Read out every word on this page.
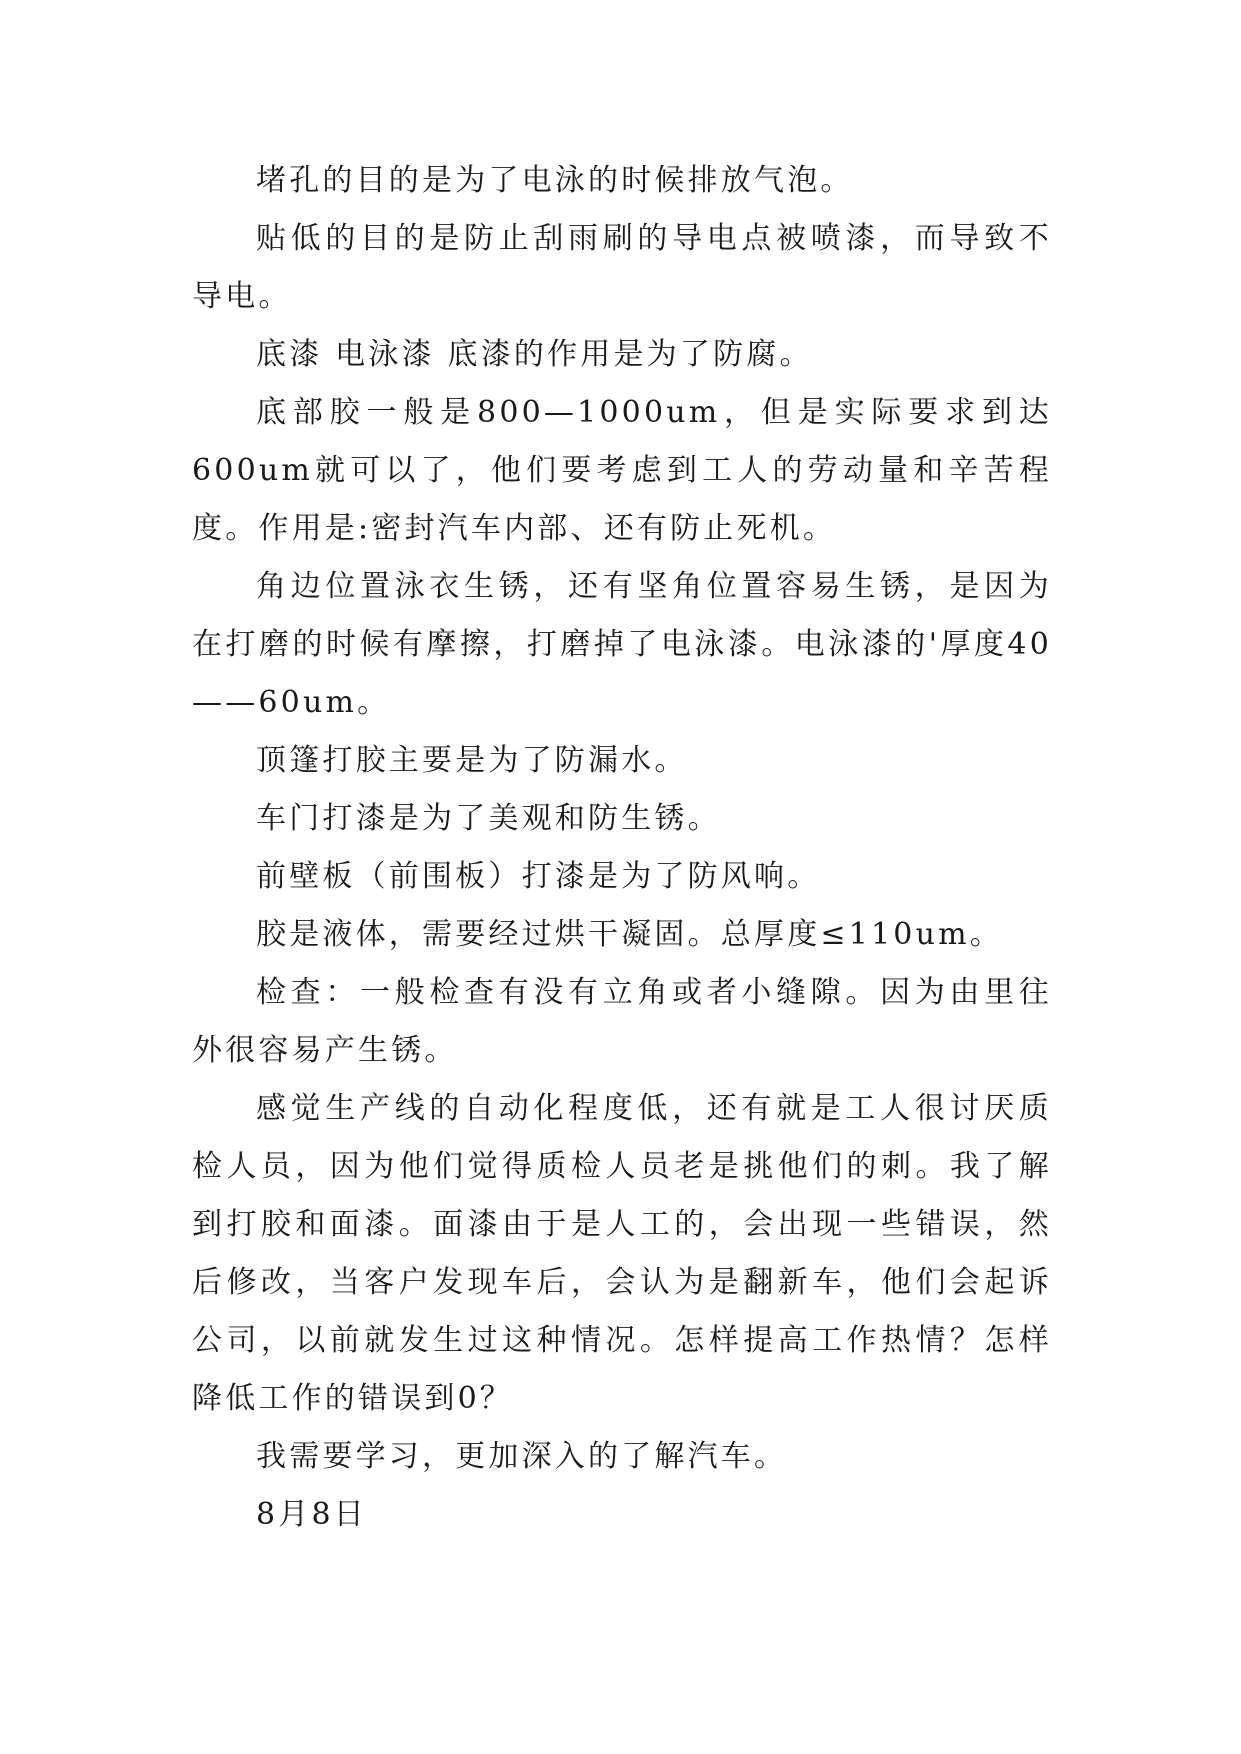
堵孔的目的是为了电泳的时候排放气泡。

贴低的目的是防止刮雨刷的导电点被喷漆，而导致不导电。

底漆 电泳漆 底漆的作用是为了防腐。

底部胶一般是800—1000um，但是实际要求到达600um就可以了，他们要考虑到工人的劳动量和辛苦程度。作用是:密封汽车内部、还有防止死机。

角边位置泳衣生锈，还有坚角位置容易生锈，是因为在打磨的时候有摩擦，打磨掉了电泳漆。电泳漆的'厚度40——60um。

顶篷打胶主要是为了防漏水。

车门打漆是为了美观和防生锈。

前壁板（前围板）打漆是为了防风响。

胶是液体，需要经过烘干凝固。总厚度≤110um。

检查：一般检查有没有立角或者小缝隙。因为由里往外很容易产生锈。

感觉生产线的自动化程度低，还有就是工人很讨厌质检人员，因为他们觉得质检人员老是挑他们的刺。我了解到打胶和面漆。面漆由于是人工的，会出现一些错误，然后修改，当客户发现车后，会认为是翻新车，他们会起诉公司，以前就发生过这种情况。怎样提高工作热情？怎样降低工作的错误到0？

我需要学习，更加深入的了解汽车。

8月8日
